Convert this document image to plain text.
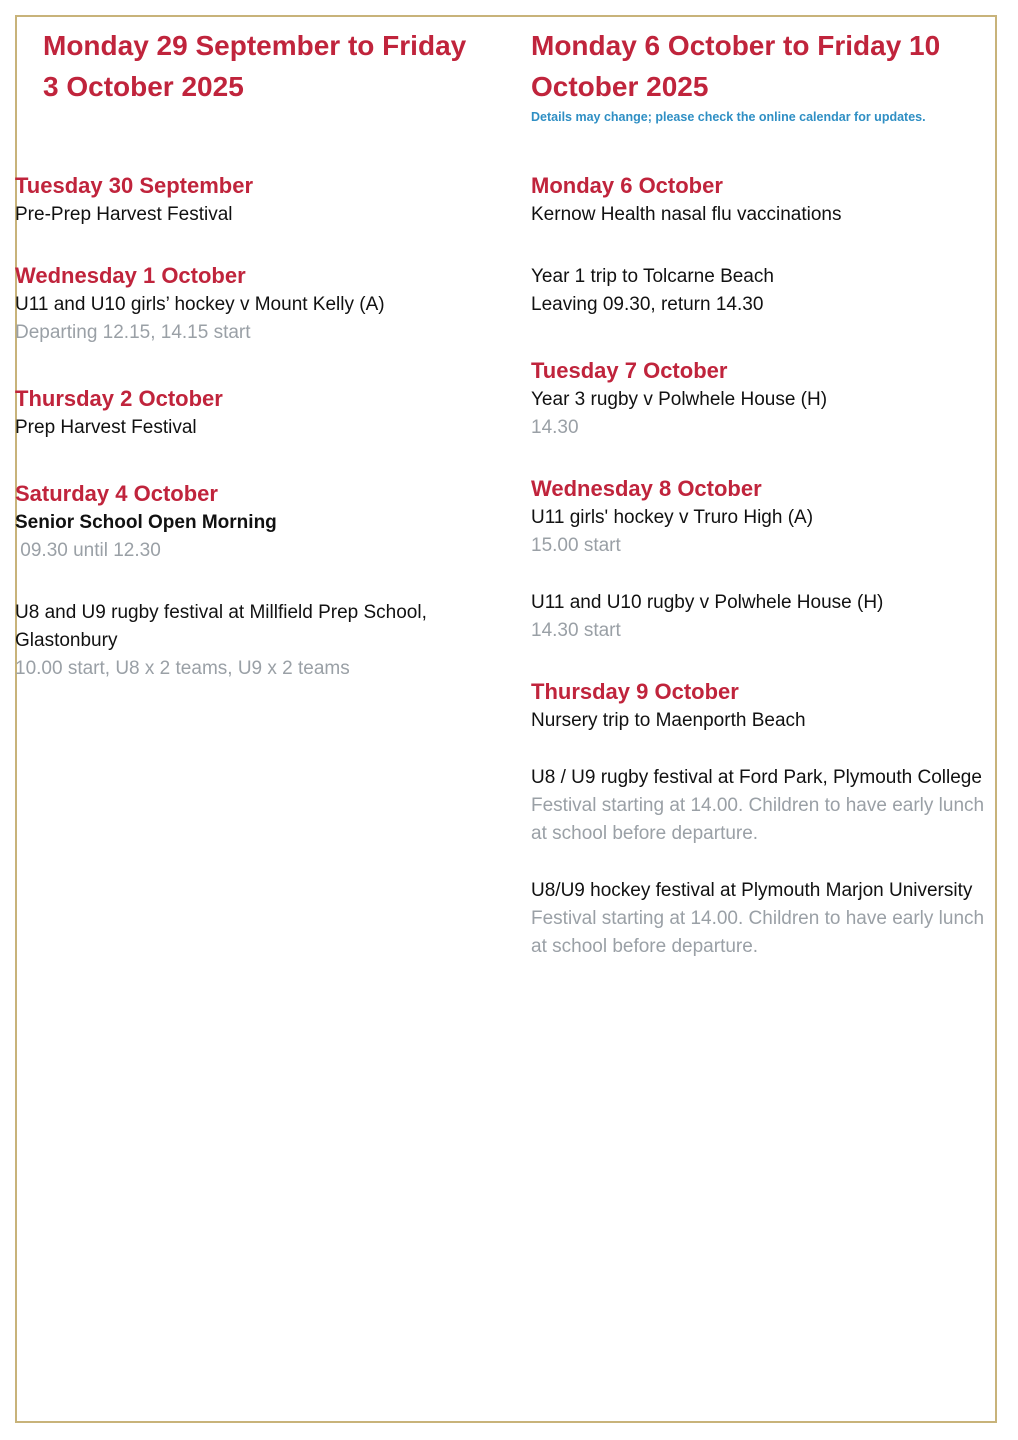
Monday 29 September to Friday 3 October 2025
Tuesday 30 September

Pre-Prep Harvest Festival

Wednesday 1 October

U11 and U10 girls’ hockey v Mount Kelly (A)

Departing 12.15, 14.15 start

Thursday 2 October

Prep Harvest Festival

Saturday 4 October

Senior School Open Morning

09.30 until 12.30

U8 and U9 rugby festival at Millfield Prep School, Glastonbury

10.00 start, U8 x 2 teams, U9 x 2 teams

Monday 6 October to Friday 10 October 2025

Details may change; please check the online calendar for updates.

Monday 6 October

Kernow Health nasal flu vaccinations

Year 1 trip to Tolcarne Beach

Leaving 09.30, return 14.30

Tuesday 7 October

Year 3 rugby v Polwhele House (H)

14.30

Wednesday 8 October

U11 girls' hockey v Truro High (A)

15.00 start

U11 and U10 rugby v Polwhele House (H)

14.30 start

Thursday 9 October

Nursery trip to Maenporth Beach

U8 / U9 rugby festival at Ford Park, Plymouth College

Festival starting at 14.00. Children to have early lunch at school before departure.

U8/U9 hockey festival at Plymouth Marjon University

Festival starting at 14.00. Children to have early lunch at school before departure.
